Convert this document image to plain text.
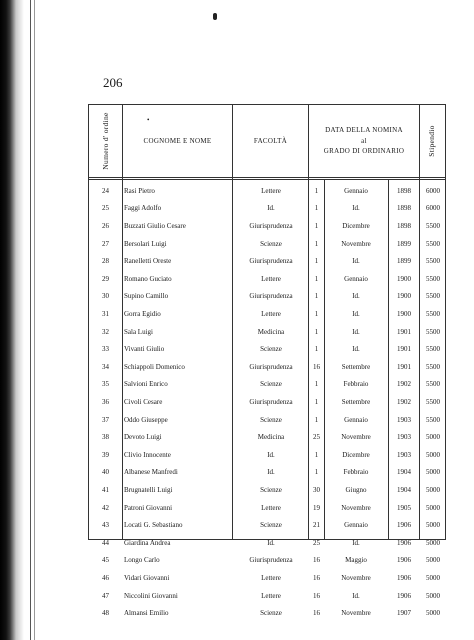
206
Numero d' ordine	•
COGNOME E NOME	FACOLTÀ
DATA DELLA NOMINA
al
GRADO DI ORDINARIO	Stipendio
24	Rasi Pietro	Lettere	1	Gennaio	1898	6000
25	Faggi Adolfo	Id.	1	Id.	1898	6000
26	Buzzati Giulio Cesare	Giurisprudenza	1	Dicembre	1898	5500
27	Bersolari Luigi	Scienze	1	Novembre	1899	5500
28	Ranelletti Oreste	Giurisprudenza	1	Id.	1899	5500
29	Romano Guciato	Lettere	1	Gennaio	1900	5500
30	Supino Camillo	Giurisprudenza	1	Id.	1900	5500
31	Gorra Egidio	Lettere	1	Id.	1900	5500
32	Sala Luigi	Medicina	1	Id.	1901	5500
33	Vivanti Giulio	Scienze	1	Id.	1901	5500
34	Schiappoli Domenico	Giurisprudenza	16	Settembre	1901	5500
35	Salvioni Enrico	Scienze	1	Febbraio	1902	5500
36	Civoli Cesare	Giurisprudenza	1	Settembre	1902	5500
37	Oddo Giuseppe	Scienze	1	Gennaio	1903	5500
38	Devoto Luigi	Medicina	25	Novembre	1903	5000
39	Clivio Innocente	Id.	1	Dicembre	1903	5000
40	Albanese Manfredi	Id.	1	Febbraio	1904	5000
41	Brugnatelli Luigi	Scienze	30	Giugno	1904	5000
42	Patroni Giovanni	Lettere	19	Novembre	1905	5000
43	Locati G. Sebastiano	Scienze	21	Gennaio	1906	5000
44	Giardina Andrea	Id.	25	Id.	1906	5000
45	Longo Carlo	Giurisprudenza	16	Maggio	1906	5000
46	Vidari Giovanni	Lettere	16	Novembre	1906	5000
47	Niccolini Giovanni	Lettere	16	Id.	1906	5000
48	Almansi Emilio	Scienze	16	Novembre	1907	5000
